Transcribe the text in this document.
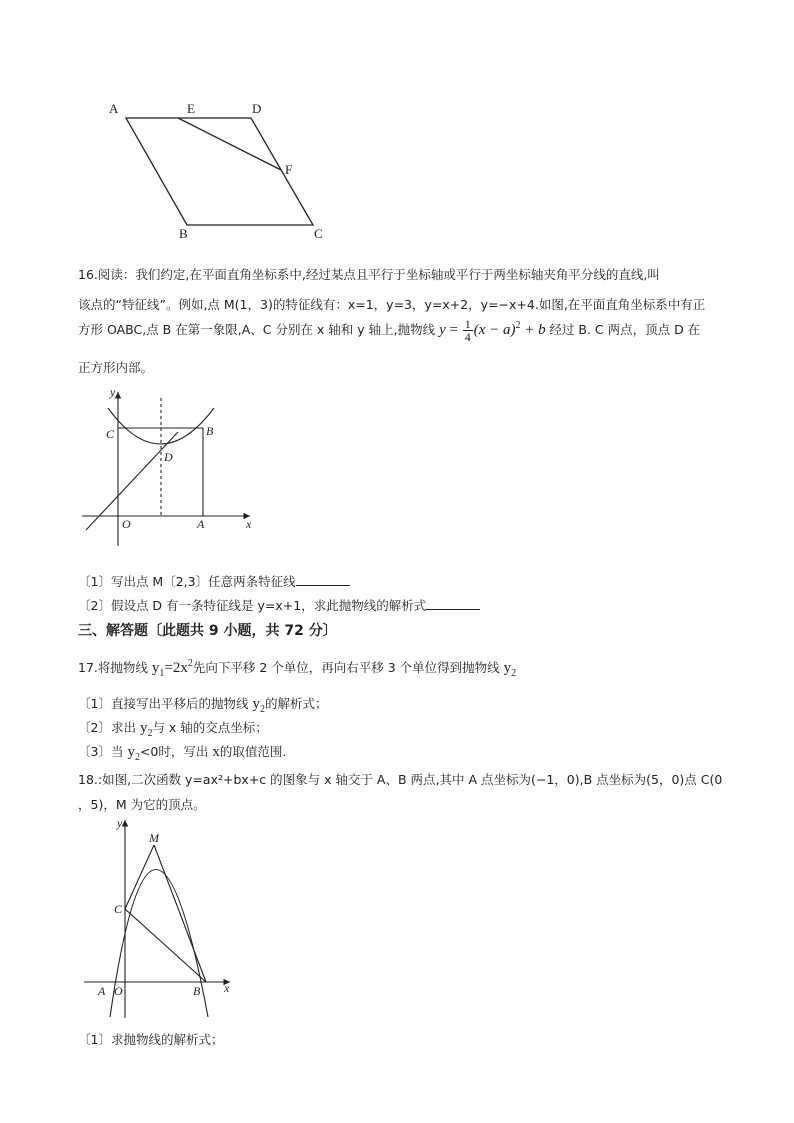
A	E	D
F
B	C
16.阅读：我们约定,在平面直角坐标系中,经过某点且平行于坐标轴或平行于两坐标轴夹角平分线的直线,叫
该点的“特征线”。例如,点 M(1，3)的特征线有：x=1，y=3，y=x+2，y=−x+4.如图,在平面直角坐标系中有正
方形 OABC,点 B 在第一象限,A、C 分别在 x 轴和 y 轴上,抛物线 $y = \frac{1}{4} (x - a)^2 + b$ 经过 B. C 两点，顶点 D 在
正方形内部。
y
x
C	B
D
O	A
〔1〕写出点 M〔2,3〕任意两条特征线
〔2〕假设点 D 有一条特征线是 y=x+1，求此抛物线的解析式
三、解答题〔此题共 9 小题，共 72 分〕
17.将抛物线 $y_1=2x^2$先向下平移 2 个单位，再向右平移 3 个单位得到抛物线 $y_2$
〔1〕直接写出平移后的抛物线 $y_2$的解析式；
〔2〕求出 $y_2$与 x 轴的交点坐标；
〔3〕当 $y_2<0$时，写出 x的取值范围.
18.:如图,二次函数 y=ax²+bx+c 的图象与 x 轴交于 A、B 两点,其中 A 点坐标为(−1，0),B 点坐标为(5，0)点 C(0
，5)，M 为它的顶点。
y
M
C
A O	B x
〔1〕求抛物线的解析式；
